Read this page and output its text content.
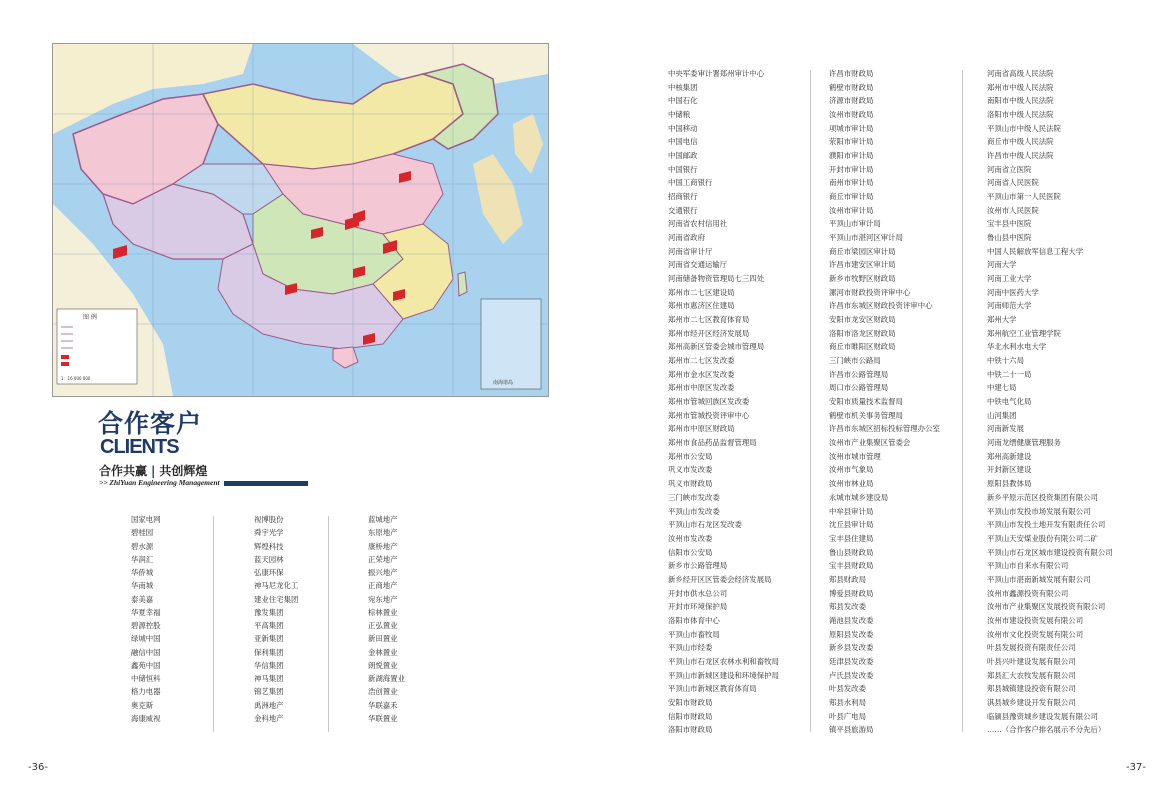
图 例
1：16 000 000
南海诸岛
合作客户
CLIENTS
合作共赢 | 共创辉煌
>> ZhiYuan Engineering Management
国家电网
碧桂园
碧水源
华润汇
华侨城
华南城
泰美嘉
华夏幸福
碧源控股
绿城中国
融信中国
鑫苑中国
中储恒科
格力电器
奥克斯
海康威视
视博股份
舜宇光学
辉煌科技
蓝天园林
弘康环保
神马尼龙化工
建业住宅集团
豫发集团
平高集团
亚新集团
保利集团
华信集团
神马集团
锦艺集团
禹洲地产
金科地产
蓝城地产
东原地产
康桥地产
正荣地产
振兴地产
正商地产
宛东地产
棕林置业
正弘置业
新田置业
金林置业
朗悦置业
新湖海置业
浩创置业
华联嘉禾
华联置业
中央军委审计署郑州审计中心
中核集团
中国石化
中储粮
中国移动
中国电信
中国邮政
中国银行
中国工商银行
招商银行
交通银行
河南省农村信用社
河南省政府
河南省审计厅
河南省交通运输厅
河南储备物资管理局七三四处
郑州市二七区建设局
郑州市惠济区住建局
郑州市二七区教育体育局
郑州市经开区经济发展局
郑州高新区管委会城市管理局
郑州市二七区发改委
郑州市金水区发改委
郑州市中原区发改委
郑州市管城回族区发改委
郑州市管城投资评审中心
郑州市中原区财政局
郑州市食品药品监督管理局
郑州市公安局
巩义市发改委
巩义市财政局
三门峡市发改委
平顶山市发改委
平顶山市石龙区发改委
汝州市发改委
信阳市公安局
新乡市公路管理局
新乡经开区区管委会经济发展局
开封市供水总公司
开封市环境保护局
洛阳市体育中心
平顶山市畜牧局
平顶山市经委
平顶山市石龙区农林水利和畜牧局
平顶山市新城区建设和环境保护局
平顶山市新城区教育体育局
安阳市财政局
信阳市财政局
洛阳市财政局
许昌市财政局
鹤壁市财政局
济源市财政局
汝州市财政局
项城市审计局
荥阳市审计局
濮阳市审计局
开封市审计局
南州市审计局
商丘市审计局
汝州市审计局
平顶山市审计局
平顶山市湛河区审计局
商丘市梁园区审计局
许昌市建安区审计局
新乡市牧野区财政局
漯河市财政投资评审中心
许昌市东城区财政投资评审中心
安阳市龙安区财政局
洛阳市洛龙区财政局
商丘市睢阳区财政局
三门峡市公路局
许昌市公路管理局
周口市公路管理局
安阳市质量技术监督局
鹤壁市机关事务管理局
许昌市东城区招标投标管理办公室
汝州市产业集聚区管委会
汝州市城市管理
汝州市气象局
汝州市林业局
永城市城乡建设局
中牟县审计局
沈丘县审计局
宝丰县住建局
鲁山县财政局
宝丰县财政局
郏县财政局
博爱县财政局
郏县发改委
渑池县发改委
原阳县发改委
新乡县发改委
廷津县发改委
卢氏县发改委
叶县发改委
郏县水利局
叶县广电局
镇平县旅游局
河南省高级人民法院
郑州市中级人民法院
南阳市中级人民法院
洛阳市中级人民法院
平顶山市中级人民法院
商丘市中级人民法院
许昌市中级人民法院
河南省立医院
河南省人民医院
平顶山市第一人民医院
汝州市人民医院
宝丰县中医院
鲁山县中医院
中国人民解放军信息工程大学
河南大学
河南工业大学
河南中医药大学
河南师范大学
郑州大学
郑州航空工业管理学院
华北水利水电大学
中铁十六局
中铁二十一局
中建七局
中铁电气化局
山河集团
河南新发展
河南龙缙健康管理服务
郑州高新建设
开封新区建设
原阳县教体局
新乡平原示范区投资集团有限公司
平顶山市发投市场发展有限公司
平顶山市发投土地开发有限责任公司
平顶山天安煤业股份有限公司二矿
平顶山市石龙区城市建设投资有限公司
平顶山市自来水有限公司
平顶山市湛南新城发展有限公司
汝州市鑫源投资有限公司
汝州市产业集聚区发展投资有限公司
汝州市建设投资发展有限公司
汝州市文化投资发展有限公司
叶县发展投资有限责任公司
叶县兴叶建设发展有限公司
郑县汇大农牧发展有限公司
郏县城镇建设投资有限公司
淇县城乡建设开发有限公司
临颍县豫资城乡建设发展有限公司
……（合作客户排名展示不分先后）
-36-	-37-
